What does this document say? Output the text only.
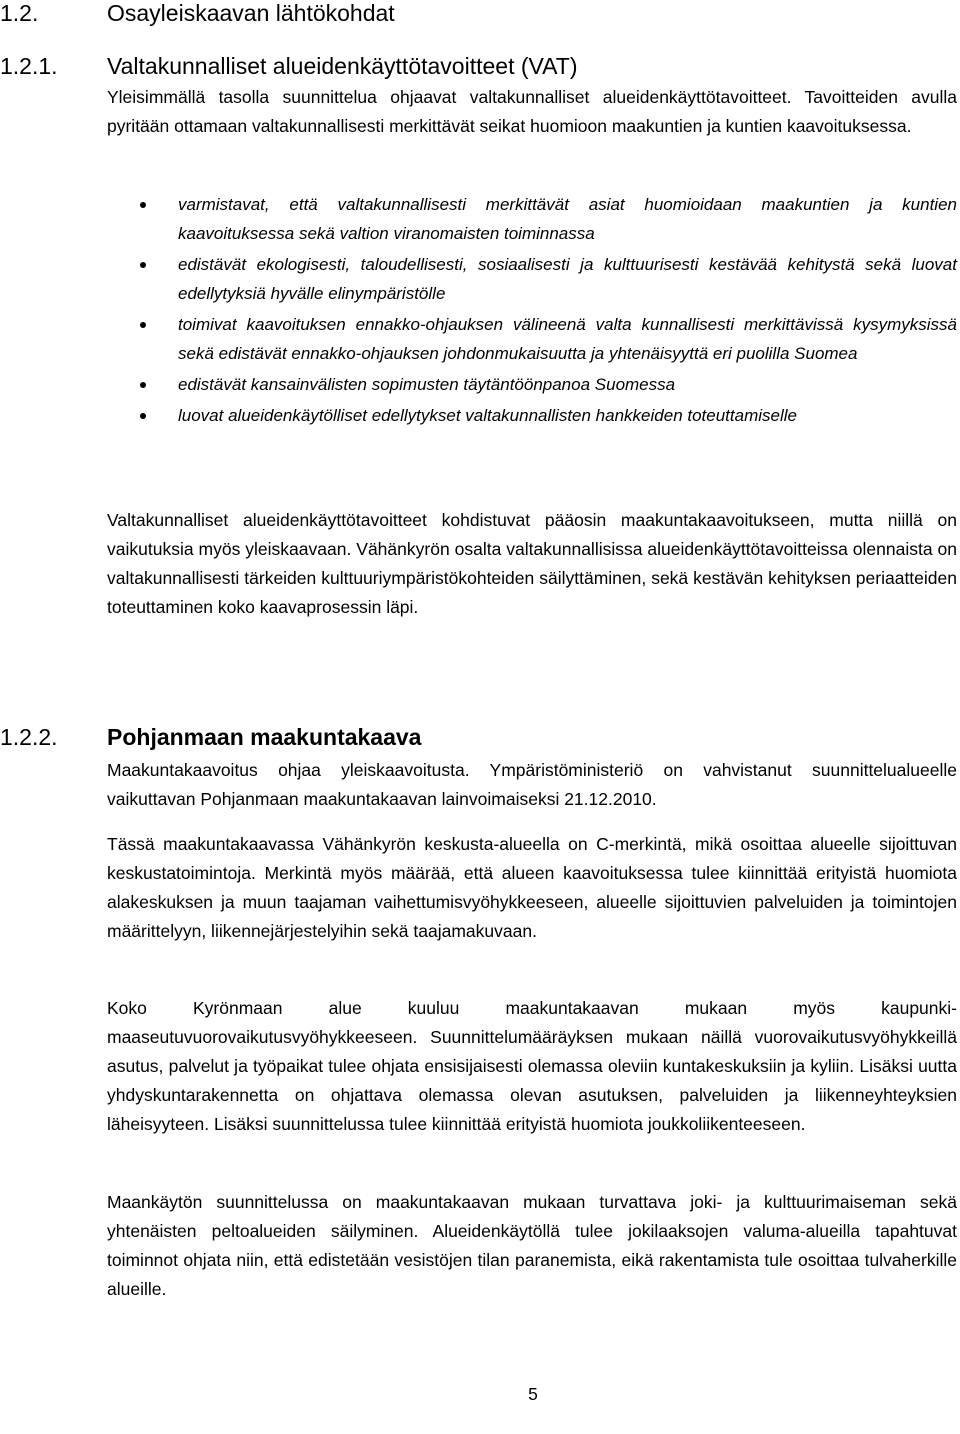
1.2.	Osayleiskaavan lähtökohdat
1.2.1. Valtakunnalliset alueidenkäyttötavoitteet (VAT)

Yleisimmällä tasolla suunnittelua ohjaavat valtakunnalliset alueidenkäyttötavoitteet. Tavoitteiden avulla pyritään ottamaan valtakunnallisesti merkittävät seikat huomioon maakuntien ja kuntien kaavoituksessa.

varmistavat, että valtakunnallisesti merkittävät asiat huomioidaan maakuntien ja kuntien kaavoituksessa sekä valtion viranomaisten toiminnassa
edistävät ekologisesti, taloudellisesti, sosiaalisesti ja kulttuurisesti kestävää kehitystä sekä luovat edellytyksiä hyvälle elinympäristölle
toimivat kaavoituksen ennakko-ohjauksen välineenä valta kunnallisesti merkittävissä kysymyksissä sekä edistävät ennakko-ohjauksen johdonmukaisuutta ja yhtenäisyyttä eri puolilla Suomea
edistävät kansainvälisten sopimusten täytäntöönpanoa Suomessa
luovat alueidenkäytölliset edellytykset valtakunnallisten hankkeiden toteuttamiselle

Valtakunnalliset alueidenkäyttötavoitteet kohdistuvat pääosin maakuntakaavoitukseen, mutta niillä on vaikutuksia myös yleiskaavaan. Vähänkyrön osalta valtakunnallisissa alueidenkäyttötavoitteissa olennaista on valtakunnallisesti tärkeiden kulttuuriympäristökohteiden säilyttäminen, sekä kestävän kehityksen periaatteiden toteuttaminen koko kaavaprosessin läpi.

1.2.2. Pohjanmaan maakuntakaava

Maakuntakaavoitus ohjaa yleiskaavoitusta. Ympäristöministeriö on vahvistanut suunnittelualueelle vaikuttavan Pohjanmaan maakuntakaavan lainvoimaiseksi 21.12.2010.

Tässä maakuntakaavassa Vähänkyrön keskusta-alueella on C-merkintä, mikä osoittaa alueelle sijoittuvan keskustatoimintoja. Merkintä myös määrää, että alueen kaavoituksessa tulee kiinnittää erityistä huomiota alakeskuksen ja muun taajaman vaihettumisvyöhykkeeseen, alueelle sijoittuvien palveluiden ja toimintojen määrittelyyn, liikennejärjestelyihin sekä taajamakuvaan.

Koko Kyrönmaan alue kuuluu maakuntakaavan mukaan myös kaupunki-maaseutuvuorovaikutusvyöhykkeeseen. Suunnittelumääräyksen mukaan näillä vuorovaikutusvyöhykkeillä asutus, palvelut ja työpaikat tulee ohjata ensisijaisesti olemassa oleviin kuntakeskuksiin ja kyliin. Lisäksi uutta yhdyskuntarakennetta on ohjattava olemassa olevan asutuksen, palveluiden ja liikenneyhteyksien läheisyyteen. Lisäksi suunnittelussa tulee kiinnittää erityistä huomiota joukkoliikenteeseen.

Maankäytön suunnittelussa on maakuntakaavan mukaan turvattava joki- ja kulttuurimaiseman sekä yhtenäisten peltoalueiden säilyminen. Alueidenkäytöllä tulee jokilaaksojen valuma-alueilla tapahtuvat toiminnot ohjata niin, että edistetään vesistöjen tilan paranemista, eikä rakentamista tule osoittaa tulvaherkille alueille.

5
